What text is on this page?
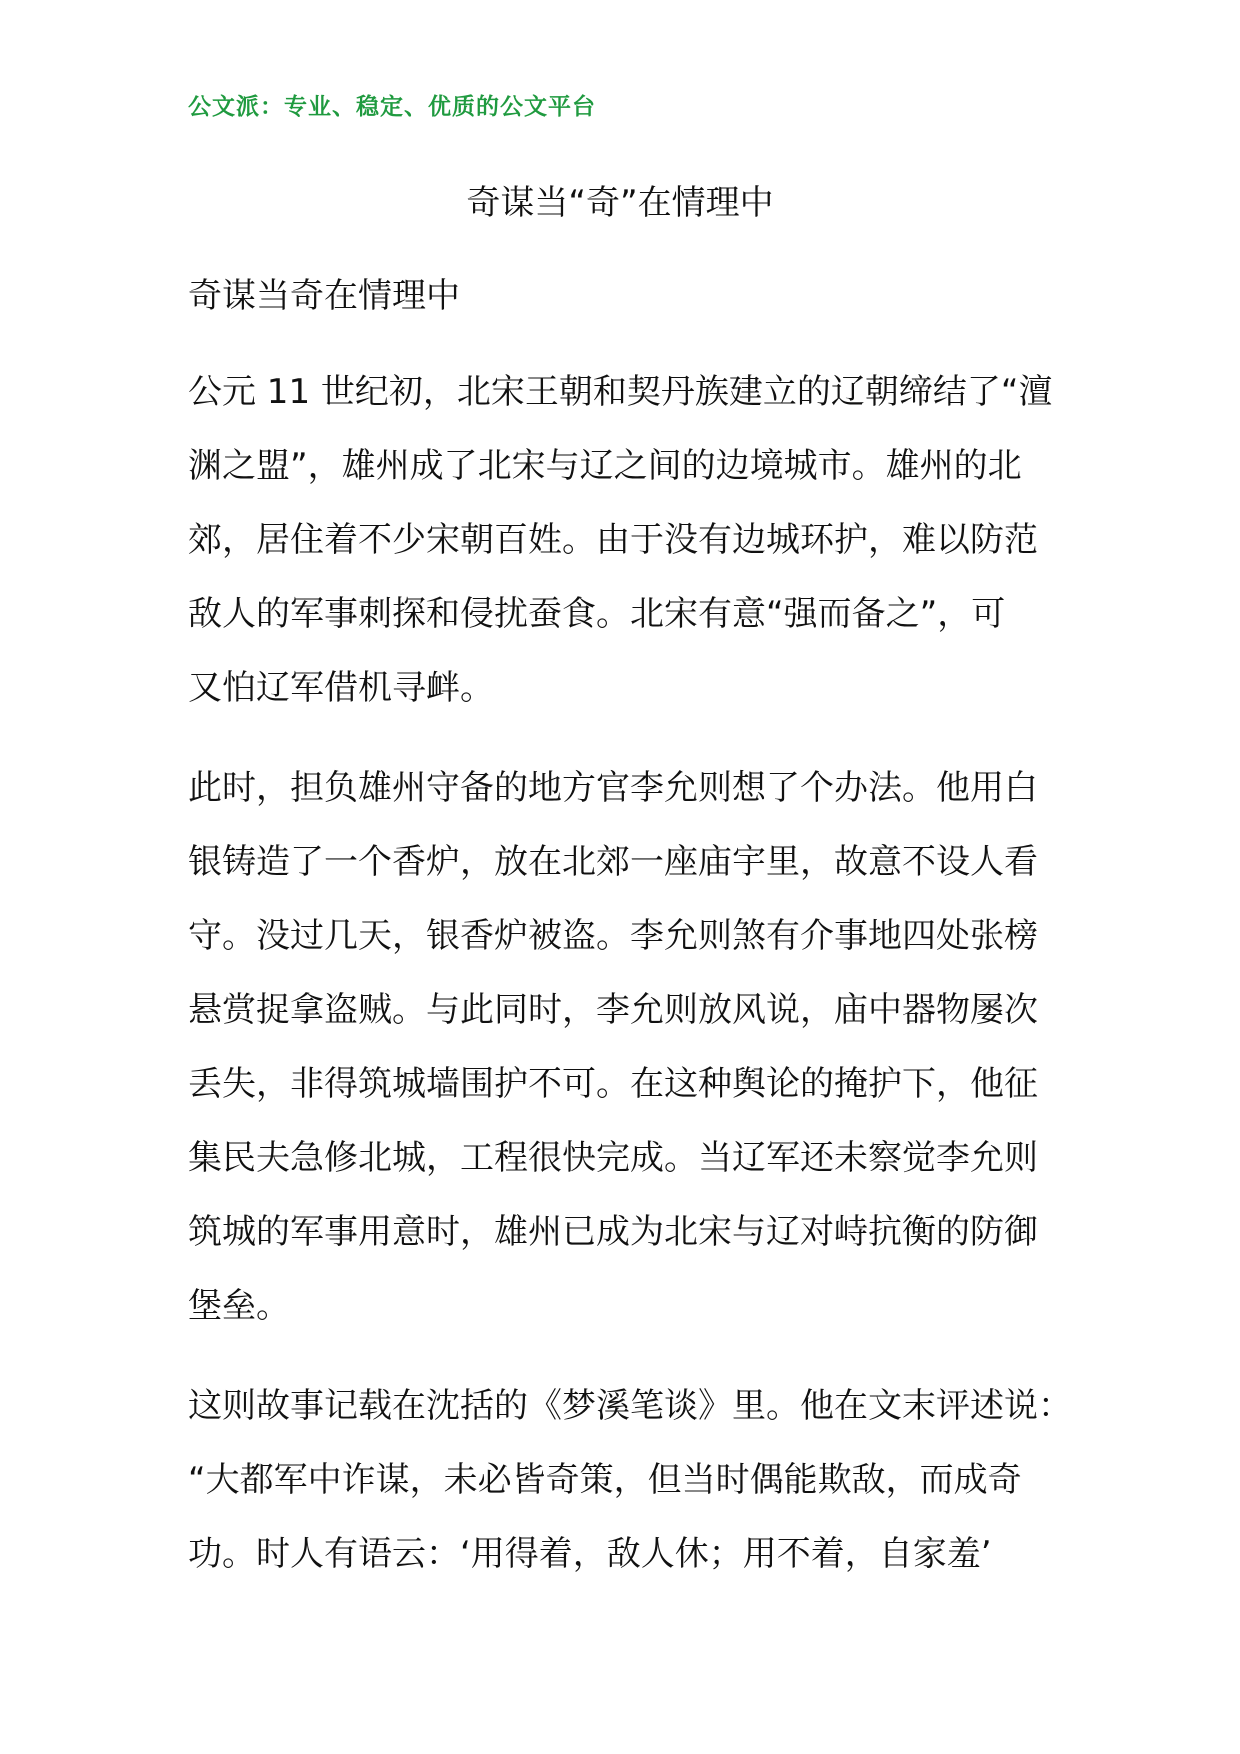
公文派：专业、稳定、优质的公文平台
奇谋当“奇”在情理中
奇谋当奇在情理中
公元 11 世纪初，北宋王朝和契丹族建立的辽朝缔结了“澶
渊之盟”，雄州成了北宋与辽之间的边境城市。雄州的北
郊，居住着不少宋朝百姓。由于没有边城环护，难以防范
敌人的军事刺探和侵扰蚕食。北宋有意“强而备之”，可
又怕辽军借机寻衅。
此时，担负雄州守备的地方官李允则想了个办法。他用白
银铸造了一个香炉，放在北郊一座庙宇里，故意不设人看
守。没过几天，银香炉被盗。李允则煞有介事地四处张榜
悬赏捉拿盗贼。与此同时，李允则放风说，庙中器物屡次
丢失，非得筑城墙围护不可。在这种舆论的掩护下，他征
集民夫急修北城，工程很快完成。当辽军还未察觉李允则
筑城的军事用意时，雄州已成为北宋与辽对峙抗衡的防御
堡垒。
这则故事记载在沈括的《梦溪笔谈》里。他在文末评述说：
“大都军中诈谋，未必皆奇策，但当时偶能欺敌，而成奇
功。时人有语云：‘用得着，敌人休；用不着，自家羞’
